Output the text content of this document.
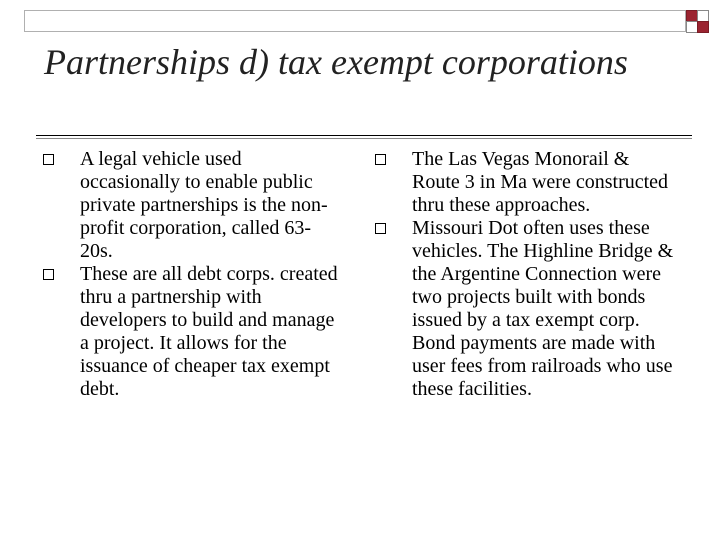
Partnerships d) tax exempt corporations
A legal vehicle used occasionally to enable public private partnerships is the non- profit corporation, called 63-20s.
These are all debt corps. created thru a partnership with developers to build and manage a project. It allows for the issuance of cheaper tax exempt debt.
The Las Vegas Monorail & Route 3 in Ma were constructed thru these approaches.
Missouri Dot often uses these vehicles. The Highline Bridge & the Argentine Connection were two projects built with bonds issued by a tax exempt corp. Bond payments are made with user fees from railroads who use these facilities.
